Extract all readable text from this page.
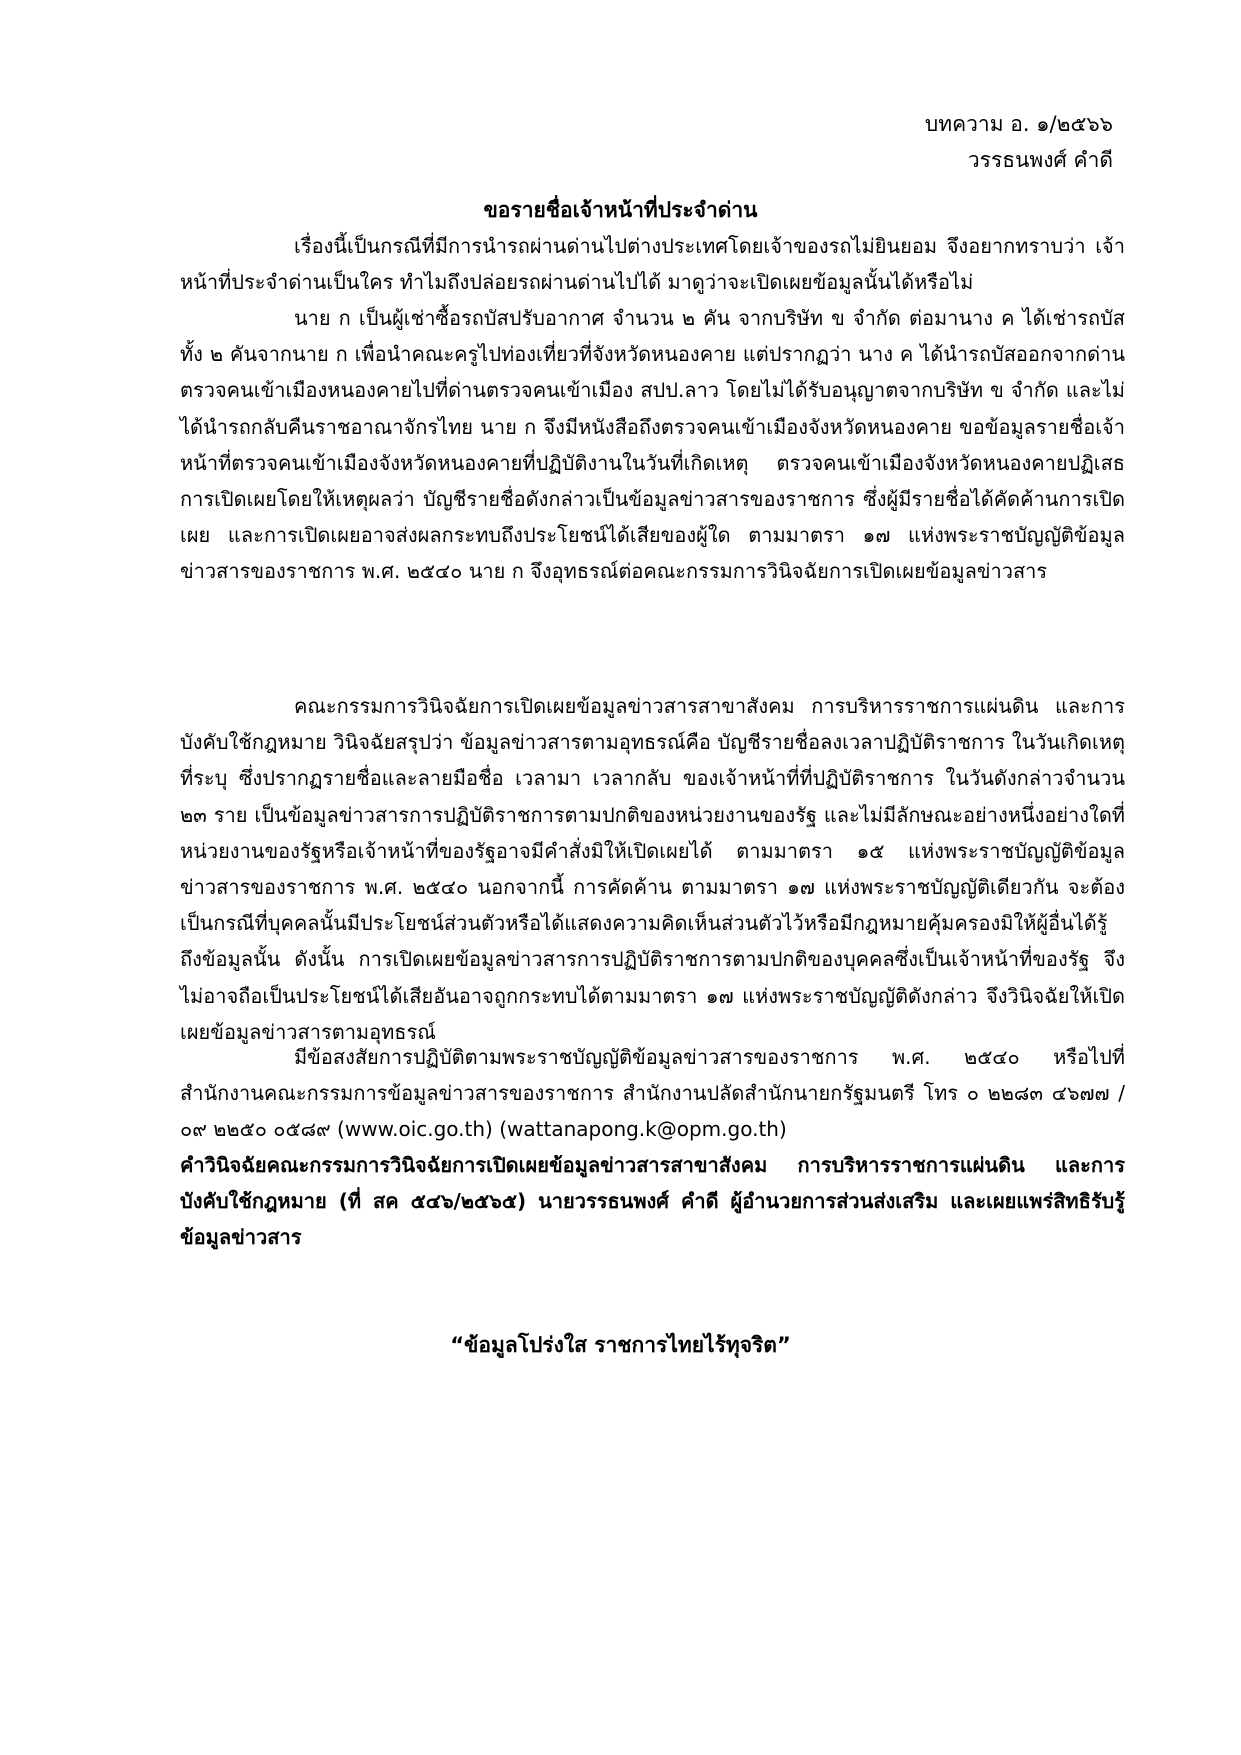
บทความ อ. ๑/๒๕๖๖
วรรธนพงศ์ คำดี
ขอรายชื่อเจ้าหน้าที่ประจำด่าน

เรื่องนี้เป็นกรณีที่มีการนำรถผ่านด่านไปต่างประเทศโดยเจ้าของรถไม่ยินยอม จึงอยากทราบว่า เจ้าหน้าที่ประจำด่านเป็นใคร ทำไมถึงปล่อยรถผ่านด่านไปได้ มาดูว่าจะเปิดเผยข้อมูลนั้นได้หรือไม่

นาย ก เป็นผู้เช่าซื้อรถบัสปรับอากาศ จำนวน ๒ คัน จากบริษัท ข จำกัด ต่อมานาง ค ได้เช่ารถบัสทั้ง ๒ คันจากนาย ก เพื่อนำคณะครูไปท่องเที่ยวที่จังหวัดหนองคาย แต่ปรากฏว่า นาง ค ได้นำรถบัสออกจากด่านตรวจคนเข้าเมืองหนองคายไปที่ด่านตรวจคนเข้าเมือง สปป.ลาว โดยไม่ได้รับอนุญาตจากบริษัท ข จำกัด และไม่ได้นำรถกลับคืนราชอาณาจักรไทย นาย ก จึงมีหนังสือถึงตรวจคนเข้าเมืองจังหวัดหนองคาย ขอข้อมูลรายชื่อเจ้าหน้าที่ตรวจคนเข้าเมืองจังหวัดหนองคายที่ปฏิบัติงานในวันที่เกิดเหตุ ตรวจคนเข้าเมืองจังหวัดหนองคายปฏิเสธการเปิดเผยโดยให้เหตุผลว่า บัญชีรายชื่อดังกล่าวเป็นข้อมูลข่าวสารของราชการ ซึ่งผู้มีรายชื่อได้คัดค้านการเปิดเผย และการเปิดเผยอาจส่งผลกระทบถึงประโยชน์ได้เสียของผู้ใด ตามมาตรา ๑๗ แห่งพระราชบัญญัติข้อมูลข่าวสารของราชการ พ.ศ. ๒๕๔๐ นาย ก จึงอุทธรณ์ต่อคณะกรรมการวินิจฉัยการเปิดเผยข้อมูลข่าวสาร

คณะกรรมการวินิจฉัยการเปิดเผยข้อมูลข่าวสารสาขาสังคม การบริหารราชการแผ่นดิน และการบังคับใช้กฎหมาย วินิจฉัยสรุปว่า ข้อมูลข่าวสารตามอุทธรณ์คือ บัญชีรายชื่อลงเวลาปฏิบัติราชการ ในวันเกิดเหตุที่ระบุ ซึ่งปรากฏรายชื่อและลายมือชื่อ เวลามา เวลากลับ ของเจ้าหน้าที่ที่ปฏิบัติราชการ ในวันดังกล่าวจำนวน ๒๓ ราย เป็นข้อมูลข่าวสารการปฏิบัติราชการตามปกติของหน่วยงานของรัฐ และไม่มีลักษณะอย่างหนึ่งอย่างใดที่หน่วยงานของรัฐหรือเจ้าหน้าที่ของรัฐอาจมีคำสั่งมิให้เปิดเผยได้ ตามมาตรา ๑๕ แห่งพระราชบัญญัติข้อมูลข่าวสารของราชการ พ.ศ. ๒๕๔๐ นอกจากนี้ การคัดค้าน ตามมาตรา ๑๗ แห่งพระราชบัญญัติเดียวกัน จะต้องเป็นกรณีที่บุคคลนั้นมีประโยชน์ส่วนตัวหรือได้แสดงความคิดเห็นส่วนตัวไว้หรือมีกฎหมายคุ้มครองมิให้ผู้อื่นได้รู้ถึงข้อมูลนั้น ดังนั้น การเปิดเผยข้อมูลข่าวสารการปฏิบัติราชการตามปกติของบุคคลซึ่งเป็นเจ้าหน้าที่ของรัฐ จึงไม่อาจถือเป็นประโยชน์ได้เสียอันอาจถูกกระทบได้ตามมาตรา ๑๗ แห่งพระราชบัญญัติดังกล่าว จึงวินิจฉัยให้เปิดเผยข้อมูลข่าวสารตามอุทธรณ์

มีข้อสงสัยการปฏิบัติตามพระราชบัญญัติข้อมูลข่าวสารของราชการ พ.ศ. ๒๕๔๐ หรือไปที่ สำนักงานคณะกรรมการข้อมูลข่าวสารของราชการ สำนักงานปลัดสำนักนายกรัฐมนตรี โทร ๐ ๒๒๘๓ ๔๖๗๗ / ๐๙ ๒๒๕๐ ๐๕๘๙ (www.oic.go.th) (wattanapong.k@opm.go.th)

คำวินิจฉัยคณะกรรมการวินิจฉัยการเปิดเผยข้อมูลข่าวสารสาขาสังคม การบริหารราชการแผ่นดิน และการบังคับใช้กฎหมาย (ที่ สค ๕๔๖/๒๕๖๕) นายวรรธนพงศ์ คำดี ผู้อำนวยการส่วนส่งเสริม และเผยแพร่สิทธิรับรู้ข้อมูลข่าวสาร

“ข้อมูลโปร่งใส ราชการไทยไร้ทุจริต”
